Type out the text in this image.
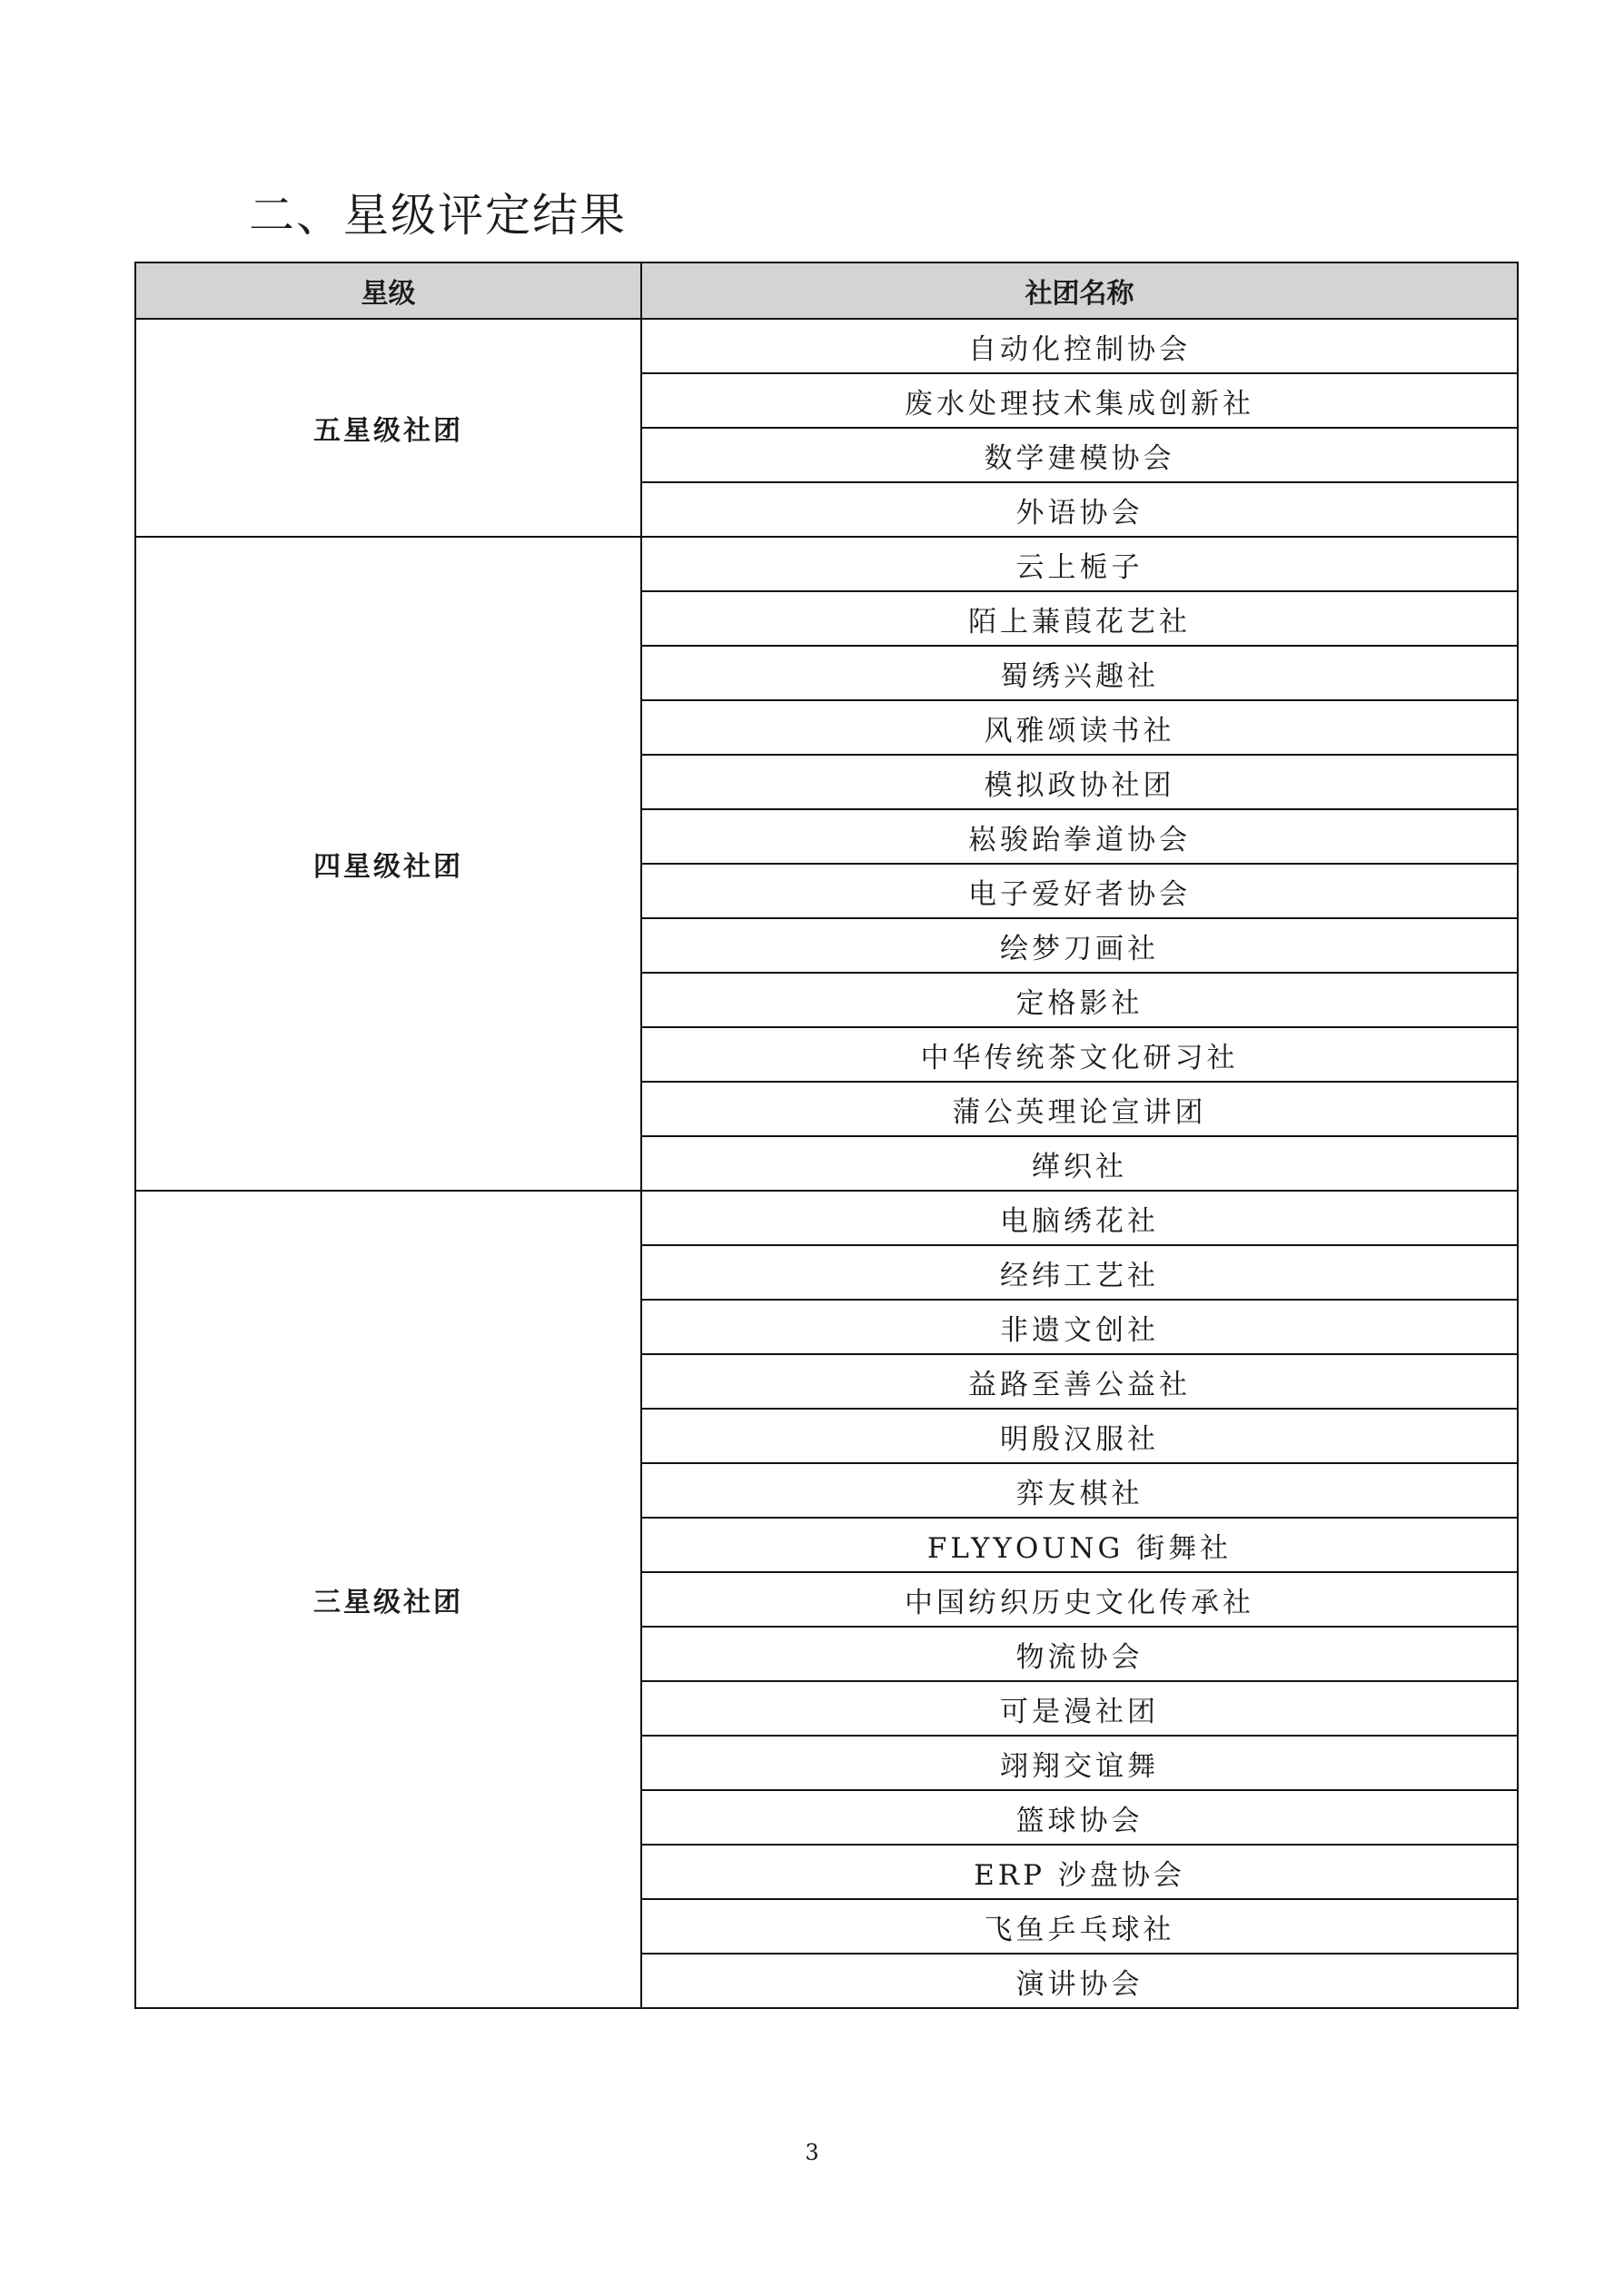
二、星级评定结果
星级	社团名称
五星级社团	自动化控制协会
	废水处理技术集成创新社
	数学建模协会
	外语协会
四星级社团	云上栀子
	陌上蒹葭花艺社
	蜀绣兴趣社
	风雅颂读书社
	模拟政协社团
	崧骏跆拳道协会
	电子爱好者协会
	绘梦刀画社
	定格影社
	中华传统茶文化研习社
	蒲公英理论宣讲团
	缂织社
三星级社团	电脑绣花社
	经纬工艺社
	非遗文创社
	益路至善公益社
	明殷汉服社
	弈友棋社
	FLYYOUNG 街舞社
	中国纺织历史文化传承社
	物流协会
	可是漫社团
	翊翔交谊舞
	篮球协会
	ERP 沙盘协会
	飞鱼乒乓球社
	演讲协会
3
